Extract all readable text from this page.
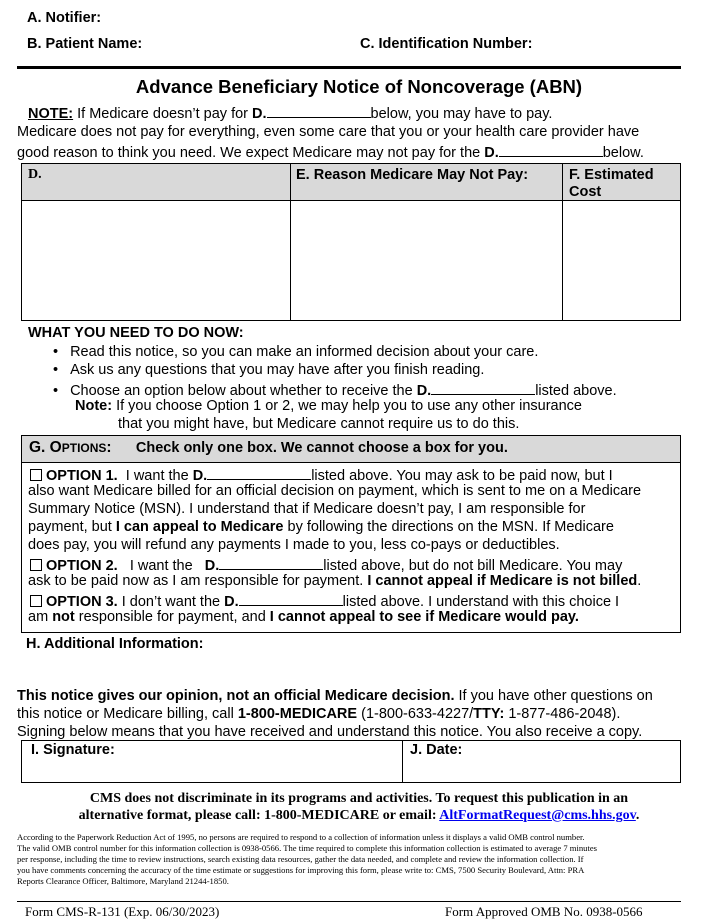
A. Notifier:
B. Patient Name:	C. Identification Number:
Advance Beneficiary Notice of Noncoverage (ABN)
NOTE: If Medicare doesn’t pay for D.	below, you may have to pay.
Medicare does not pay for everything, even some care that you or your health care provider have
good reason to think you need. We expect Medicare may not pay for the D.	below.
D.	E. Reason Medicare May Not Pay:	F. Estimated
Cost
WHAT YOU NEED TO DO NOW:
• Read this notice, so you can make an informed decision about your care.
• Ask us any questions that you may have after you finish reading.
• Choose an option below about whether to receive the D.	listed above.
Note: If you choose Option 1 or 2, we may help you to use any other insurance
that you might have, but Medicare cannot require us to do this.
G. OPTIONS: Check only one box. We cannot choose a box for you.
OPTION 1. I want the D.	listed above. You may ask to be paid now, but I
also want Medicare billed for an official decision on payment, which is sent to me on a Medicare
Summary Notice (MSN). I understand that if Medicare doesn’t pay, I am responsible for
payment, but I can appeal to Medicare by following the directions on the MSN. If Medicare
does pay, you will refund any payments I made to you, less co-pays or deductibles.
OPTION 2. I want the D.	listed above, but do not bill Medicare. You may
ask to be paid now as I am responsible for payment. I cannot appeal if Medicare is not billed.
OPTION 3. I don’t want the D.	listed above. I understand with this choice I
am not responsible for payment, and I cannot appeal to see if Medicare would pay.
H. Additional Information:
This notice gives our opinion, not an official Medicare decision. If you have other questions on
this notice or Medicare billing, call 1-800-MEDICARE (1-800-633-4227/TTY: 1-877-486-2048).
Signing below means that you have received and understand this notice. You also receive a copy.
I. Signature:	J. Date:
CMS does not discriminate in its programs and activities. To request this publication in an
alternative format, please call: 1-800-MEDICARE or email: AltFormatRequest@cms.hhs.gov.
According to the Paperwork Reduction Act of 1995, no persons are required to respond to a collection of information unless it displays a valid OMB control number.
The valid OMB control number for this information collection is 0938-0566. The time required to complete this information collection is estimated to average 7 minutes
per response, including the time to review instructions, search existing data resources, gather the data needed, and complete and review the information collection. If
you have comments concerning the accuracy of the time estimate or suggestions for improving this form, please write to: CMS, 7500 Security Boulevard, Attn: PRA
Reports Clearance Officer, Baltimore, Maryland 21244-1850.
Form CMS-R-131 (Exp. 06/30/2023)	Form Approved OMB No. 0938-0566
